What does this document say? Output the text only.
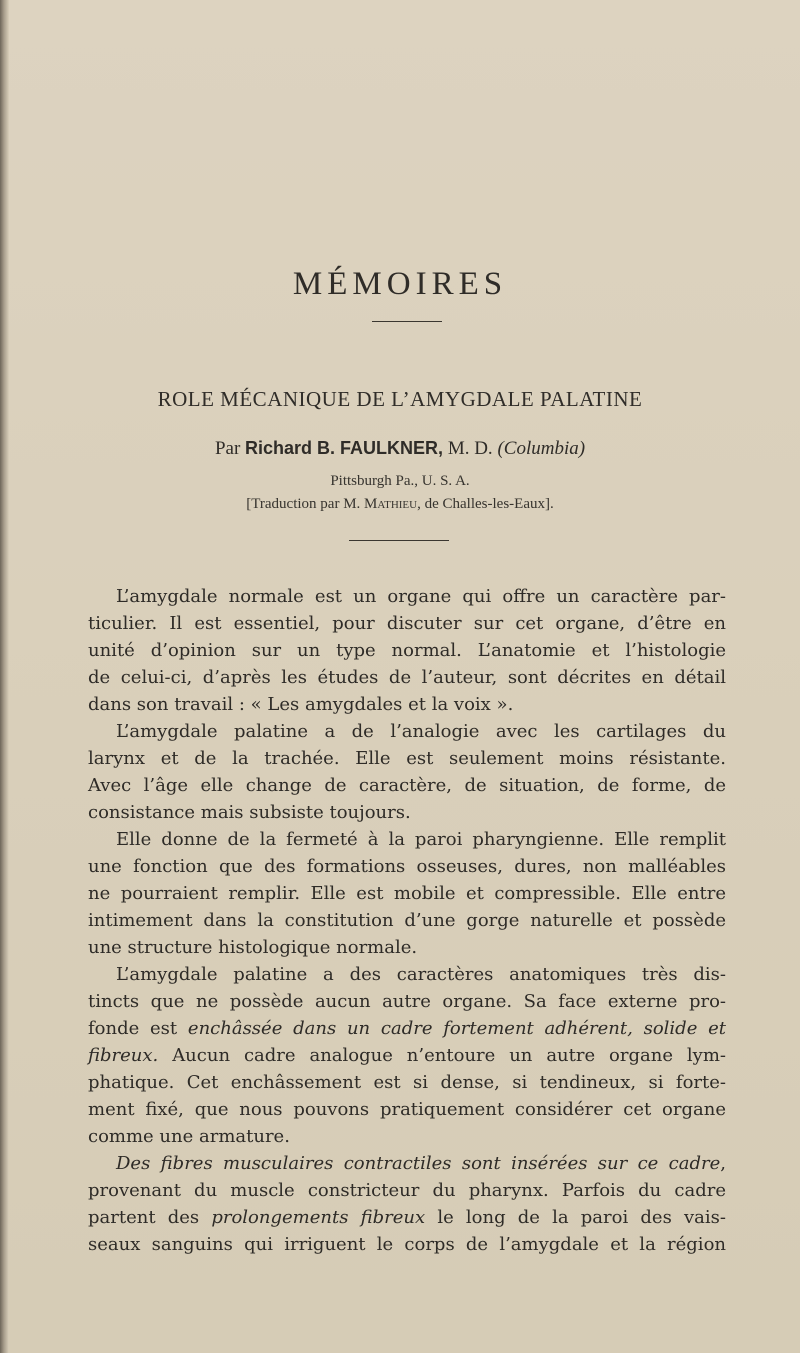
MÉMOIRES
ROLE MÉCANIQUE DE L’AMYGDALE PALATINE
Par Richard B. FAULKNER, M. D. (Columbia)
Pittsburgh Pa., U. S. A.
[Traduction par M. Mathieu, de Challes-les-Eaux].
L’amygdale normale est un organe qui offre un caractère par-
ticulier. Il est essentiel, pour discuter sur cet organe, d’être en
unité d’opinion sur un type normal. L’anatomie et l’histologie
de celui-ci, d’après les études de l’auteur, sont décrites en détail
dans son travail : « Les amygdales et la voix ».
L’amygdale palatine a de l’analogie avec les cartilages du
larynx et de la trachée. Elle est seulement moins résistante.
Avec l’âge elle change de caractère, de situation, de forme, de
consistance mais subsiste toujours.
Elle donne de la fermeté à la paroi pharyngienne. Elle remplit
une fonction que des formations osseuses, dures, non malléables
ne pourraient remplir. Elle est mobile et compressible. Elle entre
intimement dans la constitution d’une gorge naturelle et possède
une structure histologique normale.
L’amygdale palatine a des caractères anatomiques très dis-
tincts que ne possède aucun autre organe. Sa face externe pro-
fonde est enchâssée dans un cadre fortement adhérent, solide et
fibreux. Aucun cadre analogue n’entoure un autre organe lym-
phatique. Cet enchâssement est si dense, si tendineux, si forte-
ment fixé, que nous pouvons pratiquement considérer cet organe
comme une armature.
Des fibres musculaires contractiles sont insérées sur ce cadre,
provenant du muscle constricteur du pharynx. Parfois du cadre
partent des prolongements fibreux le long de la paroi des vais-
seaux sanguins qui irriguent le corps de l’amygdale et la région
